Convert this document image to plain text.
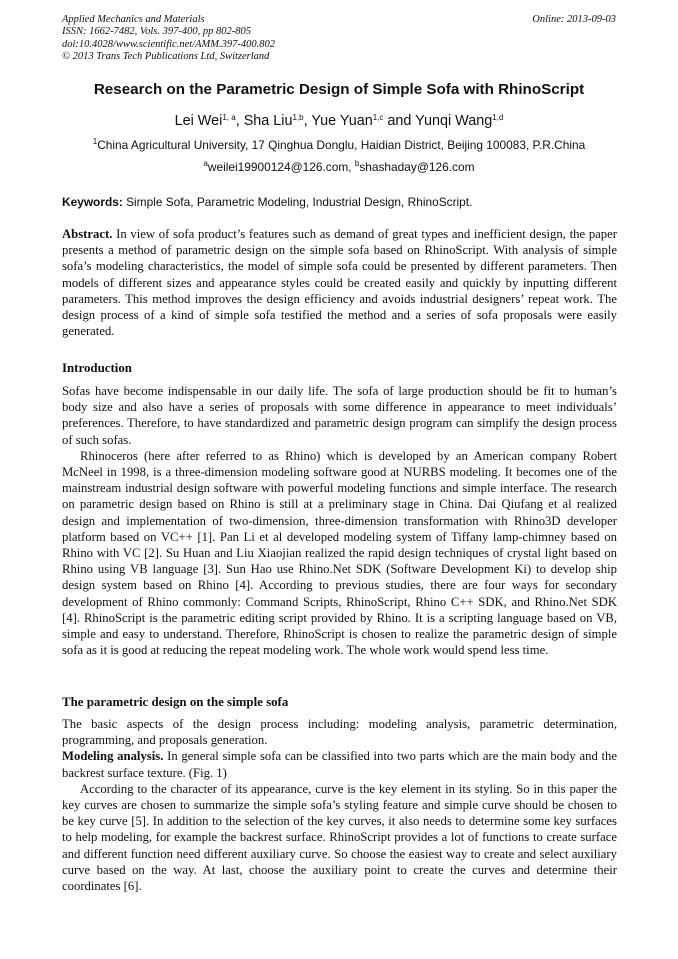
Applied Mechanics and Materials
ISSN: 1662-7482, Vols. 397-400, pp 802-805
doi:10.4028/www.scientific.net/AMM.397-400.802
© 2013 Trans Tech Publications Ltd, Switzerland
Online: 2013-09-03
Research on the Parametric Design of Simple Sofa with RhinoScript
Lei Wei$^{1, a}$, Sha Liu$^{1,b}$, Yue Yuan$^{1,c}$ and Yunqi Wang$^{1,d}$
$^1$China Agricultural University, 17 Qinghua Donglu, Haidian District, Beijing 100083, P.R.China
$^a$weilei19900124@126.com, $^b$shashaday@126.com
Keywords: Simple Sofa, Parametric Modeling, Industrial Design, RhinoScript.

Abstract. In view of sofa product’s features such as demand of great types and inefficient design, the paper presents a method of parametric design on the simple sofa based on RhinoScript. With analysis of simple sofa’s modeling characteristics, the model of simple sofa could be presented by different parameters. Then models of different sizes and appearance styles could be created easily and quickly by inputting different parameters. This method improves the design efficiency and avoids industrial designers’ repeat work. The design process of a kind of simple sofa testified the method and a series of sofa proposals were easily generated.

Introduction

Sofas have become indispensable in our daily life. The sofa of large production should be fit to human’s body size and also have a series of proposals with some difference in appearance to meet individuals’ preferences. Therefore, to have standardized and parametric design program can simplify the design process of such sofas.

Rhinoceros (here after referred to as Rhino) which is developed by an American company Robert McNeel in 1998, is a three-dimension modeling software good at NURBS modeling. It becomes one of the mainstream industrial design software with powerful modeling functions and simple interface. The research on parametric design based on Rhino is still at a preliminary stage in China. Dai Qiufang et al realized design and implementation of two-dimension, three-dimension transformation with Rhino3D developer platform based on VC++ [1]. Pan Li et al developed modeling system of Tiffany lamp-chimney based on Rhino with VC [2]. Su Huan and Liu Xiaojian realized the rapid design techniques of crystal light based on Rhino using VB language [3]. Sun Hao use Rhino.Net SDK (Software Development Ki) to develop ship design system based on Rhino [4]. According to previous studies, there are four ways for secondary development of Rhino commonly: Command Scripts, RhinoScript, Rhino C++ SDK, and Rhino.Net SDK [4]. RhinoScript is the parametric editing script provided by Rhino. It is a scripting language based on VB, simple and easy to understand. Therefore, RhinoScript is chosen to realize the parametric design of simple sofa as it is good at reducing the repeat modeling work. The whole work would spend less time.

The parametric design on the simple sofa

The basic aspects of the design process including: modeling analysis, parametric determination, programming, and proposals generation.

Modeling analysis. In general simple sofa can be classified into two parts which are the main body and the backrest surface texture. (Fig. 1)

According to the character of its appearance, curve is the key element in its styling. So in this paper the key curves are chosen to summarize the simple sofa’s styling feature and simple curve should be chosen to be key curve [5]. In addition to the selection of the key curves, it also needs to determine some key surfaces to help modeling, for example the backrest surface. RhinoScript provides a lot of functions to create surface and different function need different auxiliary curve. So choose the easiest way to create and select auxiliary curve based on the way. At last, choose the auxiliary point to create the curves and determine their coordinates [6].
